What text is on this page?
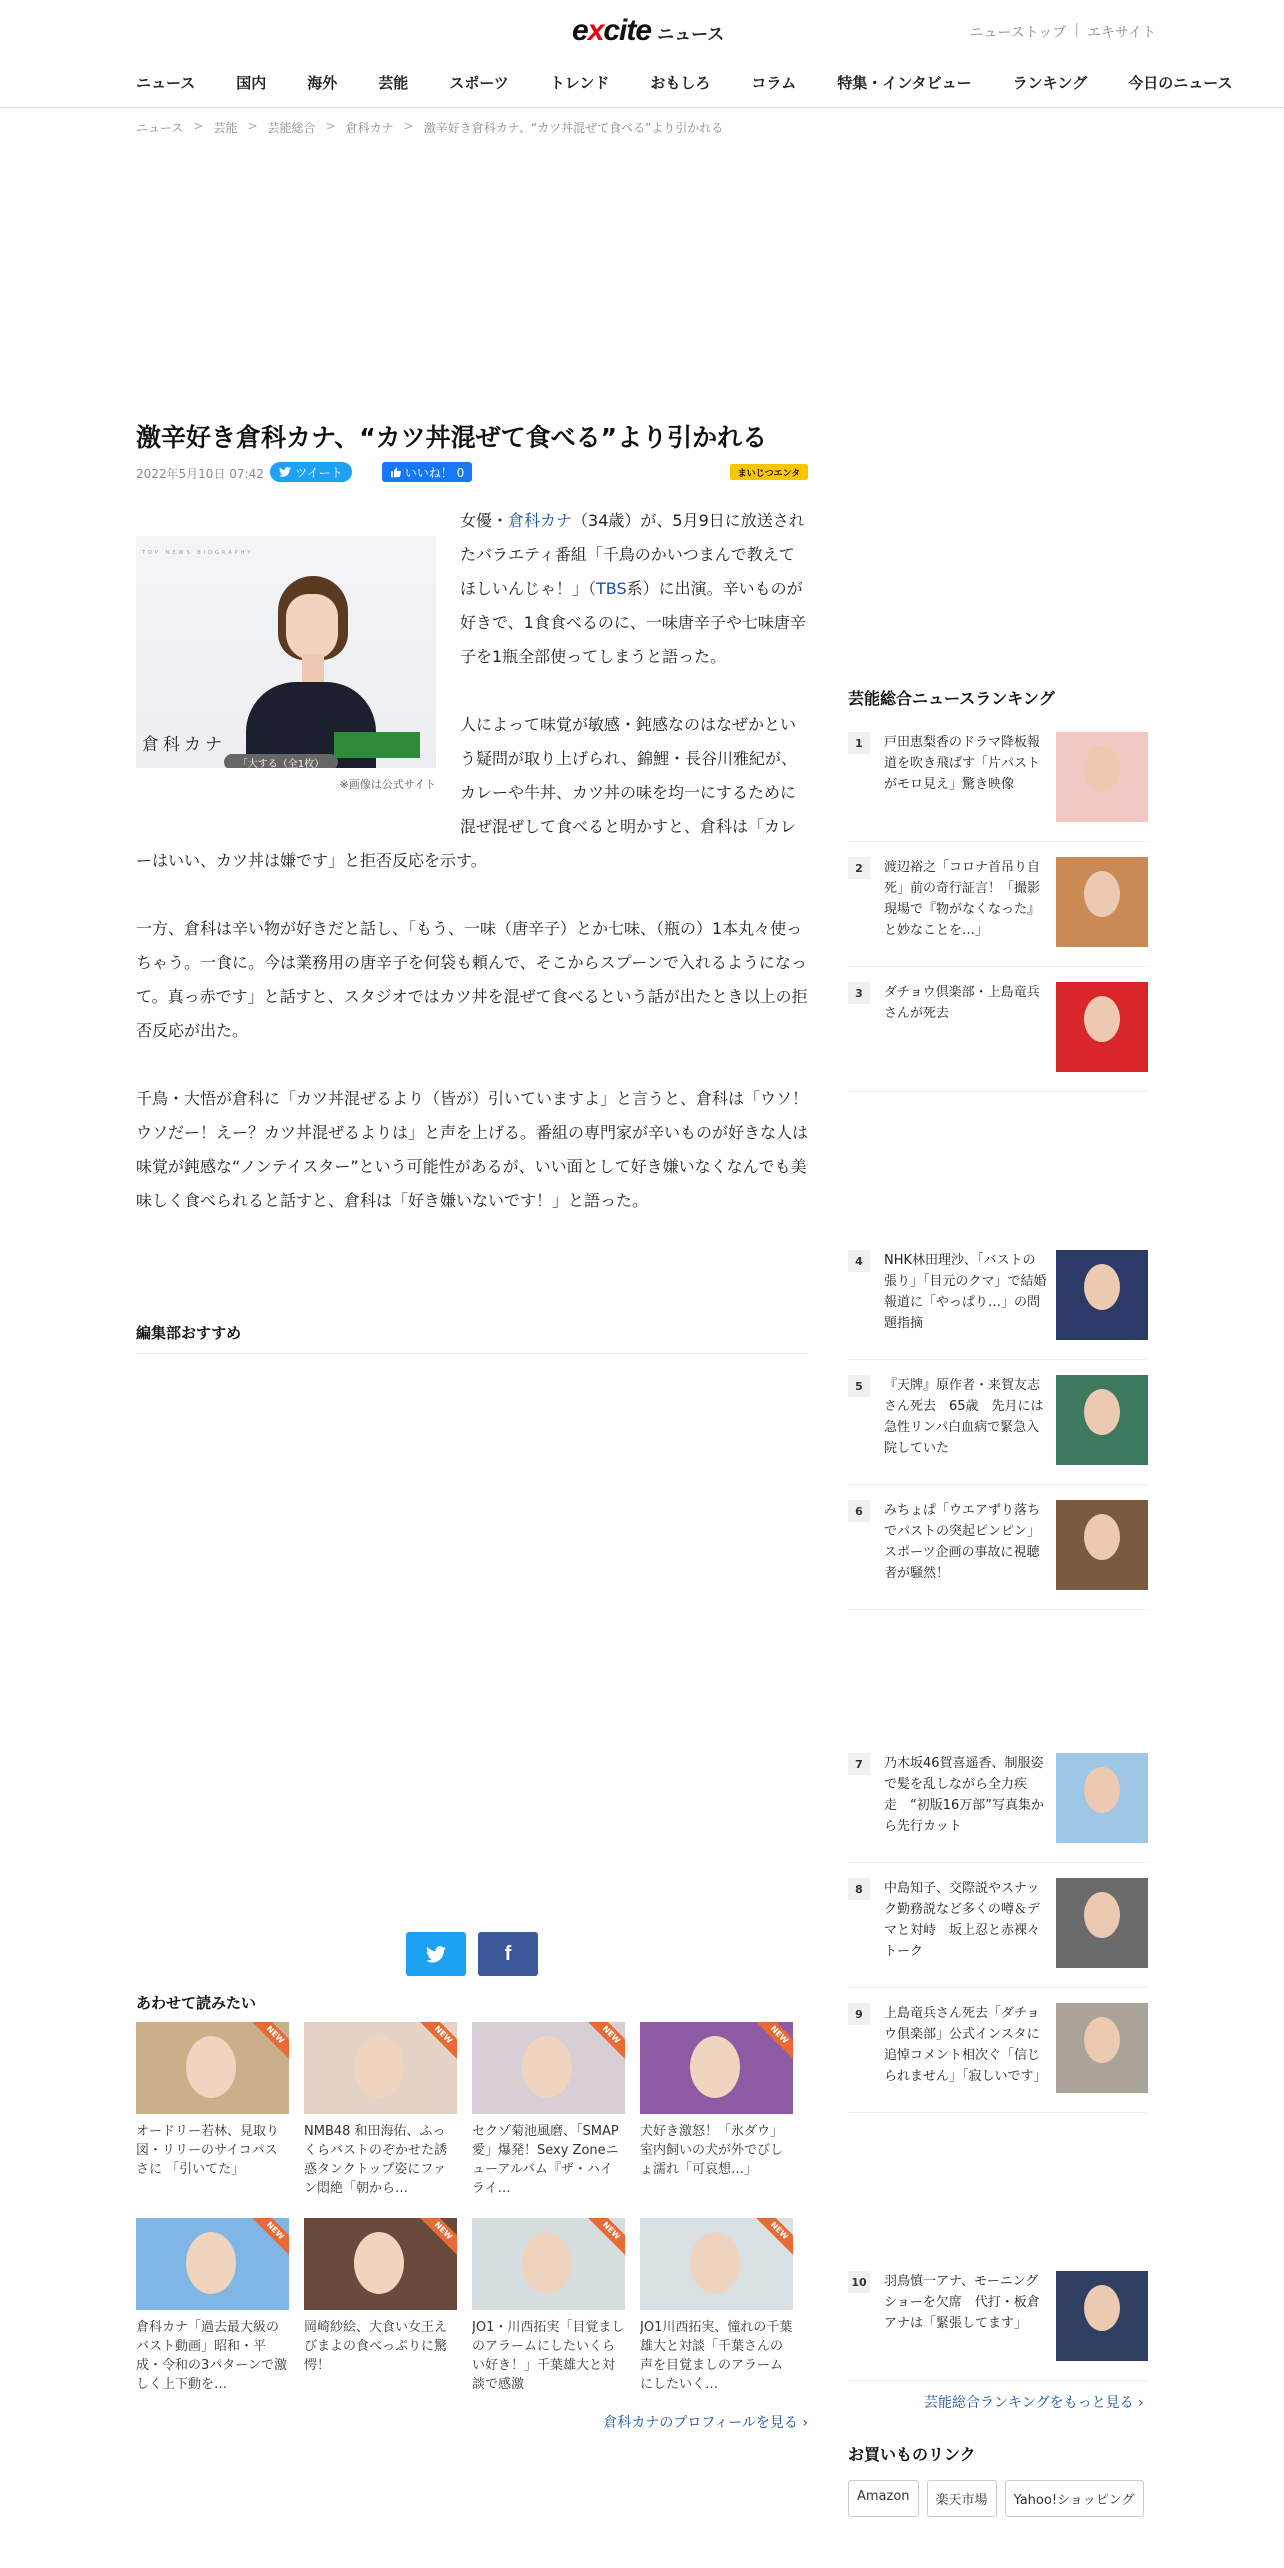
excite ニュース	ニューストップ | エキサイト
ニュース	国内	海外	芸能	スポーツ	トレンド	おもしろ	コラム	特集・インタビュー	ランキング	今日のニュース
ニュース > 芸能 > 芸能総合 > 倉科カナ > 激辛好き倉科カナ、“カツ丼混ぜて食べる”より引かれる
激辛好き倉科カナ、“カツ丼混ぜて食べる”より引かれる
2022年5月10日 07:42	ツイート	いいね！ 0	まいじつエンタ
TOP NEWS BIOGRAPHY
倉科カナ
「大する（全1枚）
※画像は公式サイト

女優・倉科カナ（34歳）が、5月9日に放送されたバラエティ番組「千鳥のかいつまんで教えてほしいんじゃ！」（TBS系）に出演。辛いものが好きで、1食食べるのに、一味唐辛子や七味唐辛子を1瓶全部使ってしまうと語った。

人によって味覚が敏感・鈍感なのはなぜかという疑問が取り上げられ、錦鯉・長谷川雅紀が、カレーや牛丼、カツ丼の味を均一にするために混ぜ混ぜして食べると明かすと、倉科は「カレーはいい、カツ丼は嫌です」と拒否反応を示す。

一方、倉科は辛い物が好きだと話し、「もう、一味（唐辛子）とか七味、（瓶の）1本丸々使っちゃう。一食に。今は業務用の唐辛子を何袋も頼んで、そこからスプーンで入れるようになって。真っ赤です」と話すと、スタジオではカツ丼を混ぜて食べるという話が出たとき以上の拒否反応が出た。

千鳥・大悟が倉科に「カツ丼混ぜるより（皆が）引いていますよ」と言うと、倉科は「ウソ！ウソだー！えー？カツ丼混ぜるよりは」と声を上げる。番組の専門家が辛いものが好きな人は味覚が鈍感な“ノンテイスター”という可能性があるが、いい面として好き嫌いなくなんでも美味しく食べられると話すと、倉科は「好き嫌いないです！」と語った。

編集部おすすめ
f
あわせて読みたい
NEW
オードリー若林、見取り図・リリーのサイコパスさに 「引いてた」
NEW
NMB48 和田海佑、ふっくらバストのぞかせた誘惑タンクトップ姿にファン悶絶「朝から…
NEW
セクゾ菊池風磨、「SMAP愛」爆発！Sexy Zoneニューアルバム『ザ・ハイライ…
NEW
犬好き激怒！「氷ダウ」室内飼いの犬が外でびしょ濡れ「可哀想…」
NEW
倉科カナ「過去最大級のバスト動画」昭和・平成・令和の3パターンで激しく上下動を…
NEW
岡崎紗絵、大食い女王えびまよの食べっぷりに驚愕！
NEW
JO1・川西拓実「目覚ましのアラームにしたいくらい好き！」千葉雄大と対談で感激
NEW
JO1川西拓実、憧れの千葉雄大と対談「千葉さんの声を目覚ましのアラームにしたいく…
倉科カナのプロフィールを見る ›
芸能総合ニュースランキング
1	戸田恵梨香のドラマ降板報道を吹き飛ばす「片パストがモロ見え」驚き映像
2	渡辺裕之「コロナ首吊り自死」前の奇行証言！「撮影現場で『物がなくなった』と妙なことを…」
3	ダチョウ倶楽部・上島竜兵さんが死去
4	NHK林田理沙、「バストの張り」「目元のクマ」で結婚報道に「やっぱり…」の問題指摘
5	『天牌』原作者・来賀友志さん死去　65歳　先月には急性リンパ白血病で緊急入院していた
6	みちょぱ「ウエアずり落ちでパストの突起ピンピン」スポーツ企画の事故に視聴者が騒然！
7	乃木坂46賀喜遥香、制服姿で髪を乱しながら全力疾走　“初版16万部”写真集から先行カット
8	中島知子、交際説やスナック勤務説など多くの噂＆デマと対峙　坂上忍と赤裸々トーク
9	上島竜兵さん死去「ダチョウ倶楽部」公式インスタに追悼コメント相次ぐ「信じられません」「寂しいです」
10 羽鳥慎一アナ、モーニングショーを欠席　代打・板倉アナは「緊張してます」
芸能総合ランキングをもっと見る ›
お買いものリンク
Amazon	楽天市場	Yahoo!ショッピング
